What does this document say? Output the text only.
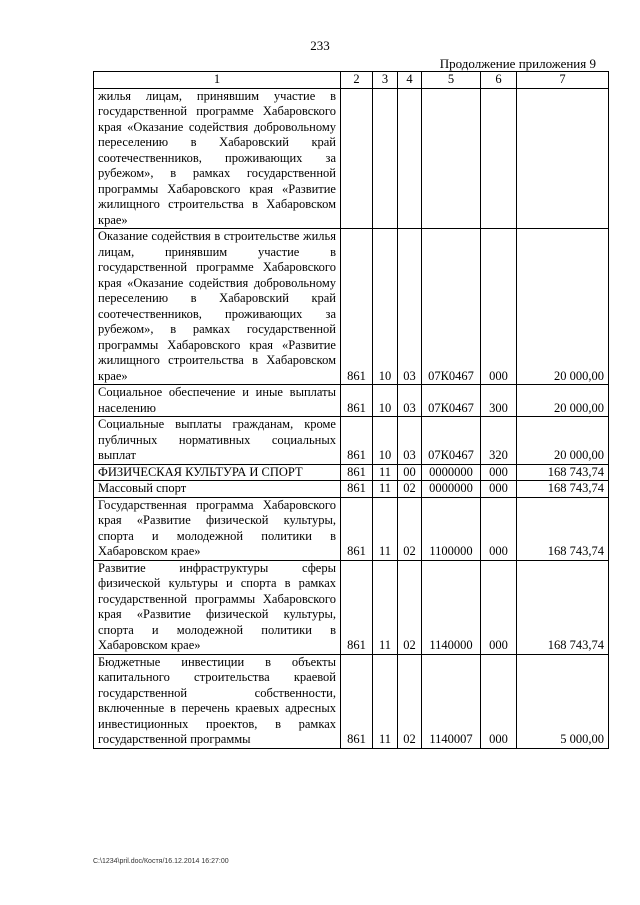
233
Продолжение приложения 9
1	2	3	4	5	6	7
жилья лицам, принявшим участие в государственной программе Хабаровского края «Оказание содействия добровольному переселению в Хабаровский край соотечественников, проживающих за рубежом», в рамках государственной программы Хабаровского края «Развитие жилищного строительства в Хабаровском крае»						
Оказание содействия в строительстве жилья лицам, принявшим участие в государственной программе Хабаровского края «Оказание содействия добровольному переселению в Хабаровский край соотечественников, проживающих за рубежом», в рамках государственной программы Хабаровского края «Развитие жилищного строительства в Хабаровском крае»	861	10	03	07К0467	000	20 000,00
Социальное обеспечение и иные выплаты населению	861	10	03	07К0467	300	20 000,00
Социальные выплаты гражданам, кроме публичных нормативных социальных выплат	861	10	03	07К0467	320	20 000,00
ФИЗИЧЕСКАЯ КУЛЬТУРА И СПОРТ	861	11	00	0000000	000	168 743,74
Массовый спорт	861	11	02	0000000	000	168 743,74
Государственная программа Хабаровского края «Развитие физической культуры, спорта и молодежной политики в Хабаровском крае»	861	11	02	1100000	000	168 743,74
Развитие инфраструктуры сферы физической культуры и спорта в рамках государственной программы Хабаровского края «Развитие физической культуры, спорта и молодежной политики в Хабаровском крае»	861	11	02	1140000	000	168 743,74
Бюджетные инвестиции в объекты капитального строительства краевой государственной собственности, включенные в перечень краевых адресных инвестиционных проектов, в рамках государственной программы	861	11	02	1140007	000	5 000,00
C:\1234\pril.doc/Костя/16.12.2014 16:27:00
